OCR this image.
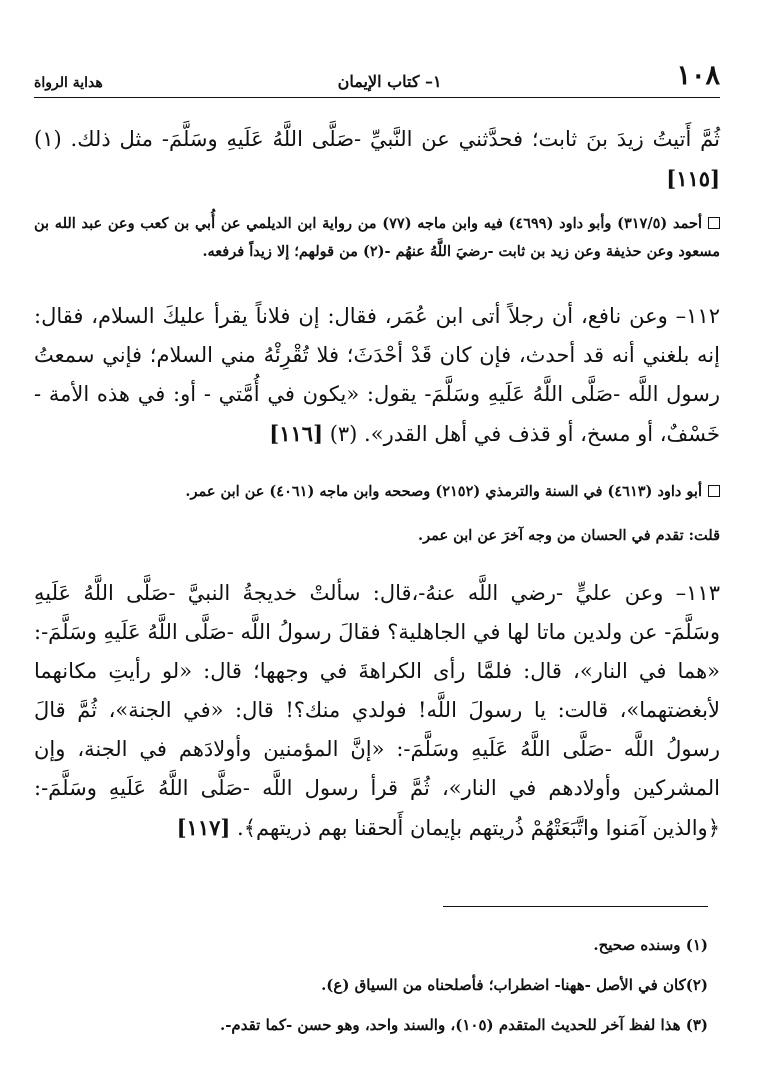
١٠٨
١– كتاب الإيمان
هداية الرواة
ثُمَّ أَتيتُ زيدَ بنَ ثابت؛ فحدَّثني عن النَّبيِّ -صَلَّى اللَّهُ عَلَيهِ وسَلَّمَ- مثل ذلك. (١) [١١٥]
أحمد (٣١٧/٥) وأبو داود (٤٦٩٩) فيه وابن ماجه (٧٧) من رواية ابن الديلمي عن أُبي بن كعب وعن عبد الله بن مسعود وعن حذيفة وعن زيد بن ثابت -رضيَ اللَّهُ عنهُم -(٢) من قولهم؛ إلا زيداً فرفعه.
١١٢– وعن نافع، أن رجلاً أتى ابن عُمَر، فقال: إن فلاناً يقرأ عليكَ السلام، فقال: إنه بلغني أنه قد أحدث، فإن كان قَدْ أحْدَثَ؛ فلا تُقْرِئْهُ مني السلام؛ فإني سمعتُ رسول اللَّه -صَلَّى اللَّهُ عَلَيهِ وسَلَّمَ- يقول: «يكون في أُمَّتي - أو: في هذه الأمة - خَسْفٌ، أو مسخ، أو قذف في أهل القدر». (٣) [١١٦]
أبو داود (٤٦١٣) في السنة والترمذي (٢١٥٢) وصححه وابن ماجه (٤٠٦١) عن ابن عمر.
قلت: تقدم في الحسان من وجه آخرَ عن ابن عمر.
١١٣– وعن عليٍّ -رضي اللَّه عنهُ-،قال: سألتْ خديجةُ النبيَّ -صَلَّى اللَّهُ عَلَيهِ وسَلَّمَ- عن ولدين ماتا لها في الجاهلية؟ فقالَ رسولُ اللَّه -صَلَّى اللَّهُ عَلَيهِ وسَلَّمَ-: «هما في النار»، قال: فلمَّا رأى الكراهةَ في وجهها؛ قال: «لو رأيتِ مكانهما لأبغضتهما»، قالت: يا رسولَ اللَّه! فولدي منك؟! قال: «في الجنة»، ثُمَّ قالَ رسولُ اللَّه -صَلَّى اللَّهُ عَلَيهِ وسَلَّمَ-: «إنَّ المؤمنين وأولادَهم في الجنة، وإن المشركين وأولادهم في النار»، ثُمَّ قرأ رسول اللَّه -صَلَّى اللَّهُ عَلَيهِ وسَلَّمَ-: ﴿والذين آمَنوا واتَّبَعَتْهُمْ ذُريتهم بإيمان أَلحقنا بهم ذريتهم﴾. [١١٧]
(١) وسنده صحيح.
(٢)كان في الأصل -ههنا- اضطراب؛ فأصلحناه من السياق (ع).
(٣) هذا لفظ آخر للحديث المتقدم (١٠٥)، والسند واحد، وهو حسن -كما تقدم-.
